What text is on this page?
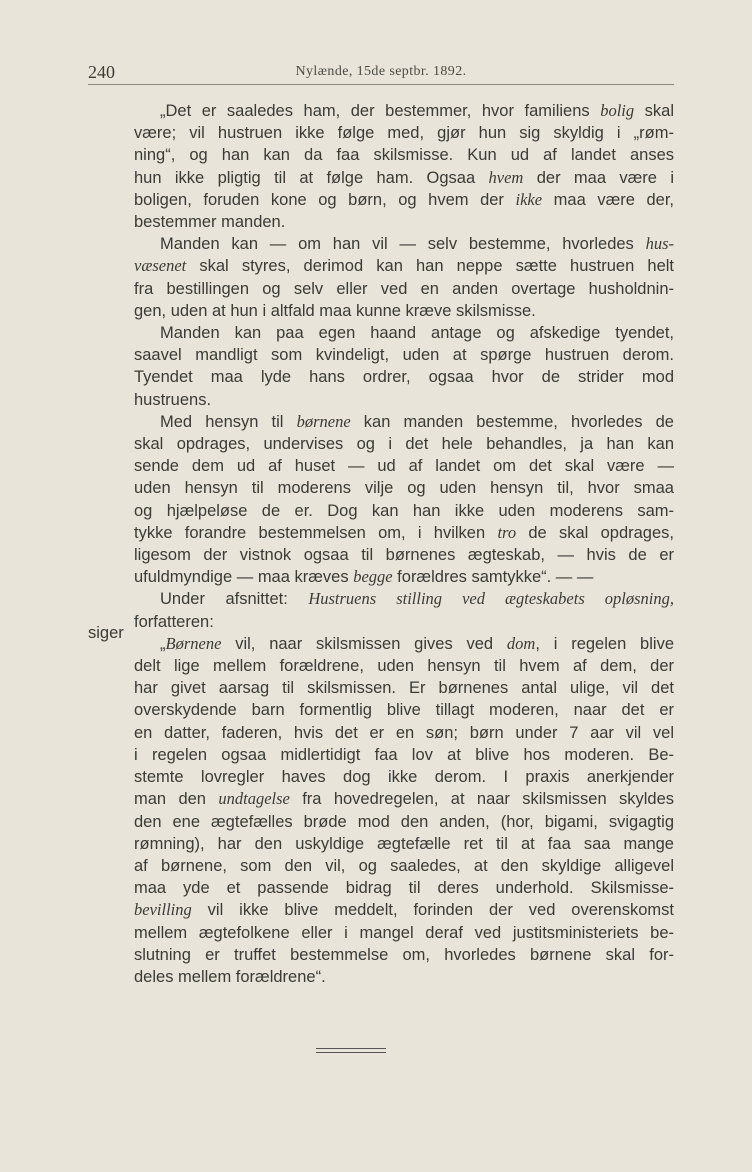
240	Nylænde, 15de septbr. 1892.
siger

„Det er saaledes ham, der bestemmer, hvor familiens bolig skal
være; vil hustruen ikke følge med, gjør hun sig skyldig i „røm-
ning“, og han kan da faa skilsmisse. Kun ud af landet anses
hun ikke pligtig til at følge ham. Ogsaa hvem der maa være i
boligen, foruden kone og børn, og hvem der ikke maa være der,
bestemmer manden.

Manden kan — om han vil — selv bestemme, hvorledes hus-
væsenet skal styres, derimod kan han neppe sætte hustruen helt
fra bestillingen og selv eller ved en anden overtage husholdnin-
gen, uden at hun i altfald maa kunne kræve skilsmisse.

Manden kan paa egen haand antage og afskedige tyendet,
saavel mandligt som kvindeligt, uden at spørge hustruen derom.
Tyendet maa lyde hans ordrer, ogsaa hvor de strider mod
hustruens.

Med hensyn til børnene kan manden bestemme, hvorledes de
skal opdrages, undervises og i det hele behandles, ja han kan
sende dem ud af huset — ud af landet om det skal være —
uden hensyn til moderens vilje og uden hensyn til, hvor smaa
og hjælpeløse de er. Dog kan han ikke uden moderens sam-
tykke forandre bestemmelsen om, i hvilken tro de skal opdrages,
ligesom der vistnok ogsaa til børnenes ægteskab, — hvis de er
ufuldmyndige — maa kræves begge forældres samtykke“. — —

Under afsnittet: Hustruens stilling ved ægteskabets opløsning,
forfatteren:

„Børnene vil, naar skilsmissen gives ved dom, i regelen blive
delt lige mellem forældrene, uden hensyn til hvem af dem, der
har givet aarsag til skilsmissen. Er børnenes antal ulige, vil det
overskydende barn formentlig blive tillagt moderen, naar det er
en datter, faderen, hvis det er en søn; børn under 7 aar vil vel
i regelen ogsaa midlertidigt faa lov at blive hos moderen. Be-
stemte lovregler haves dog ikke derom. I praxis anerkjender
man den undtagelse fra hovedregelen, at naar skilsmissen skyldes
den ene ægtefælles brøde mod den anden, (hor, bigami, svigagtig
rømning), har den uskyldige ægtefælle ret til at faa saa mange
af børnene, som den vil, og saaledes, at den skyldige alligevel
maa yde et passende bidrag til deres underhold. Skilsmisse-
bevilling vil ikke blive meddelt, forinden der ved overenskomst
mellem ægtefolkene eller i mangel deraf ved justitsministeriets be-
slutning er truffet bestemmelse om, hvorledes børnene skal for-
deles mellem forældrene“.
